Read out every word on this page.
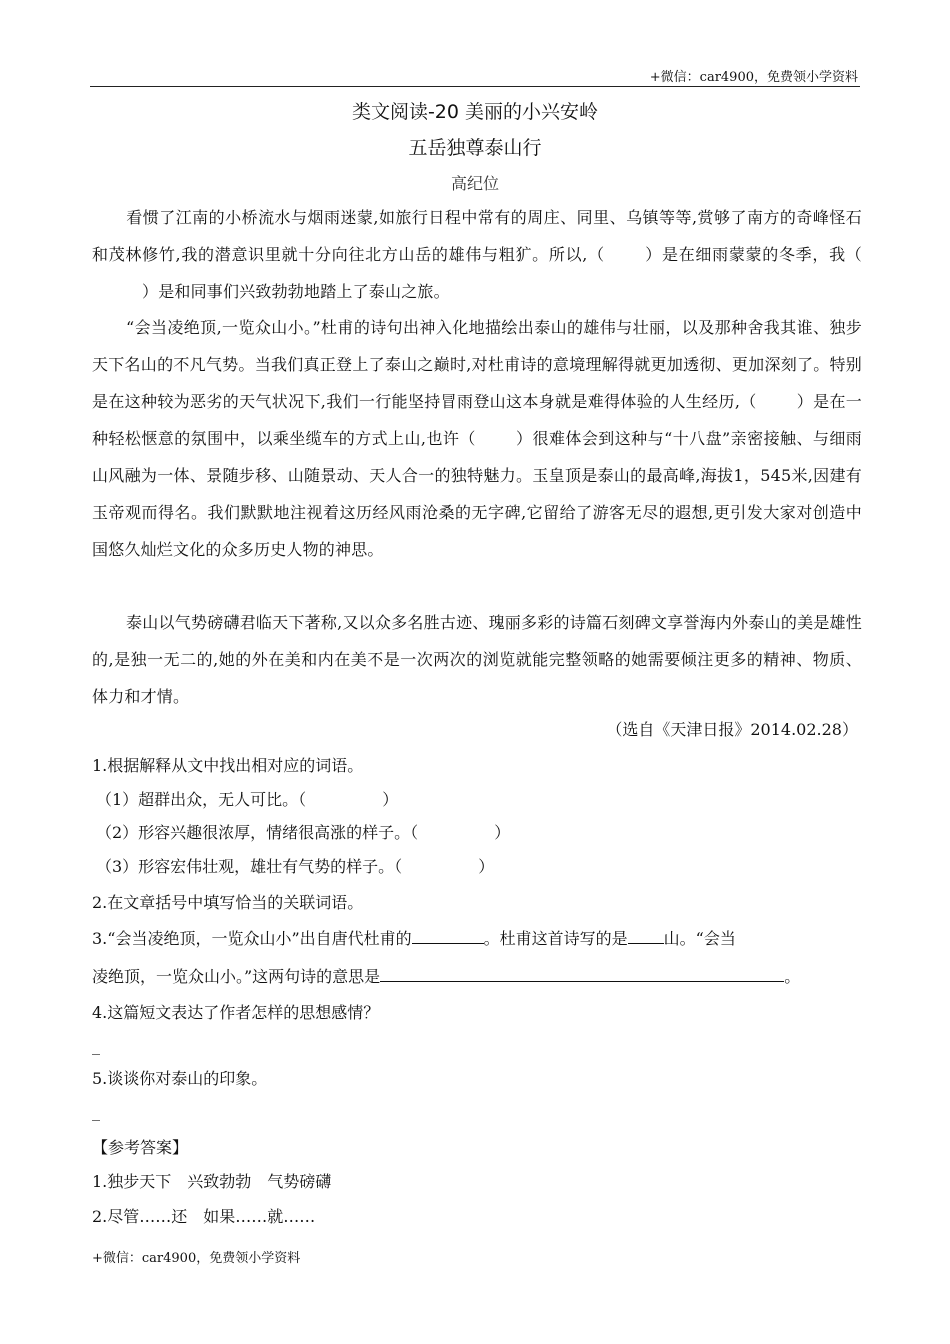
+微信：car4900，免费领小学资料
类文阅读-20 美丽的小兴安岭
五岳独尊泰山行
高纪位
看惯了江南的小桥流水与烟雨迷蒙,如旅行日程中常有的周庄、同里、乌镇等等,赏够了南方的奇峰怪石和茂林修竹,我的潜意识里就十分向往北方山岳的雄伟与粗犷。所以,（	）是在细雨蒙蒙的冬季，我（）是和同事们兴致勃勃地踏上了泰山之旅。
“会当凌绝顶,一览众山小。”杜甫的诗句出神入化地描绘出泰山的雄伟与壮丽，以及那种舍我其谁、独步天下名山的不凡气势。当我们真正登上了泰山之巅时,对杜甫诗的意境理解得就更加透彻、更加深刻了。特别是在这种较为恶劣的天气状况下,我们一行能坚持冒雨登山这本身就是难得体验的人生经历,（	）是在一种轻松惬意的氛围中，以乘坐缆车的方式上山,也许（	）很难体会到这种与“十八盘”亲密接触、与细雨山风融为一体、景随步移、山随景动、天人合一的独特魅力。玉皇顶是泰山的最高峰,海拔1，545米,因建有玉帝观而得名。我们默默地注视着这历经风雨沧桑的无字碑,它留给了游客无尽的遐想,更引发大家对创造中国悠久灿烂文化的众多历史人物的神思。
泰山以气势磅礴君临天下著称,又以众多名胜古迹、瑰丽多彩的诗篇石刻碑文享誉海内外泰山的美是雄性的,是独一无二的,她的外在美和内在美不是一次两次的浏览就能完整领略的她需要倾注更多的精神、物质、体力和才情。
（选自《天津日报》2014.02.28）
1.根据解释从文中找出相对应的词语。
（1）超群出众，无人可比。（	）
（2）形容兴趣很浓厚，情绪很高涨的样子。（	）
（3）形容宏伟壮观，雄壮有气势的样子。（	）
2.在文章括号中填写恰当的关联词语。
3.“会当凌绝顶，一览众山小”出自唐代杜甫的	。杜甫这首诗写的是 山。“会当
凌绝顶，一览众山小。”这两句诗的意思是	。
4.这篇短文表达了作者怎样的思想感情？
_
5.谈谈你对泰山的印象。
_
【参考答案】
1.独步天下　兴致勃勃　气势磅礴
2.尽管……还　如果……就……
+微信：car4900，免费领小学资料
